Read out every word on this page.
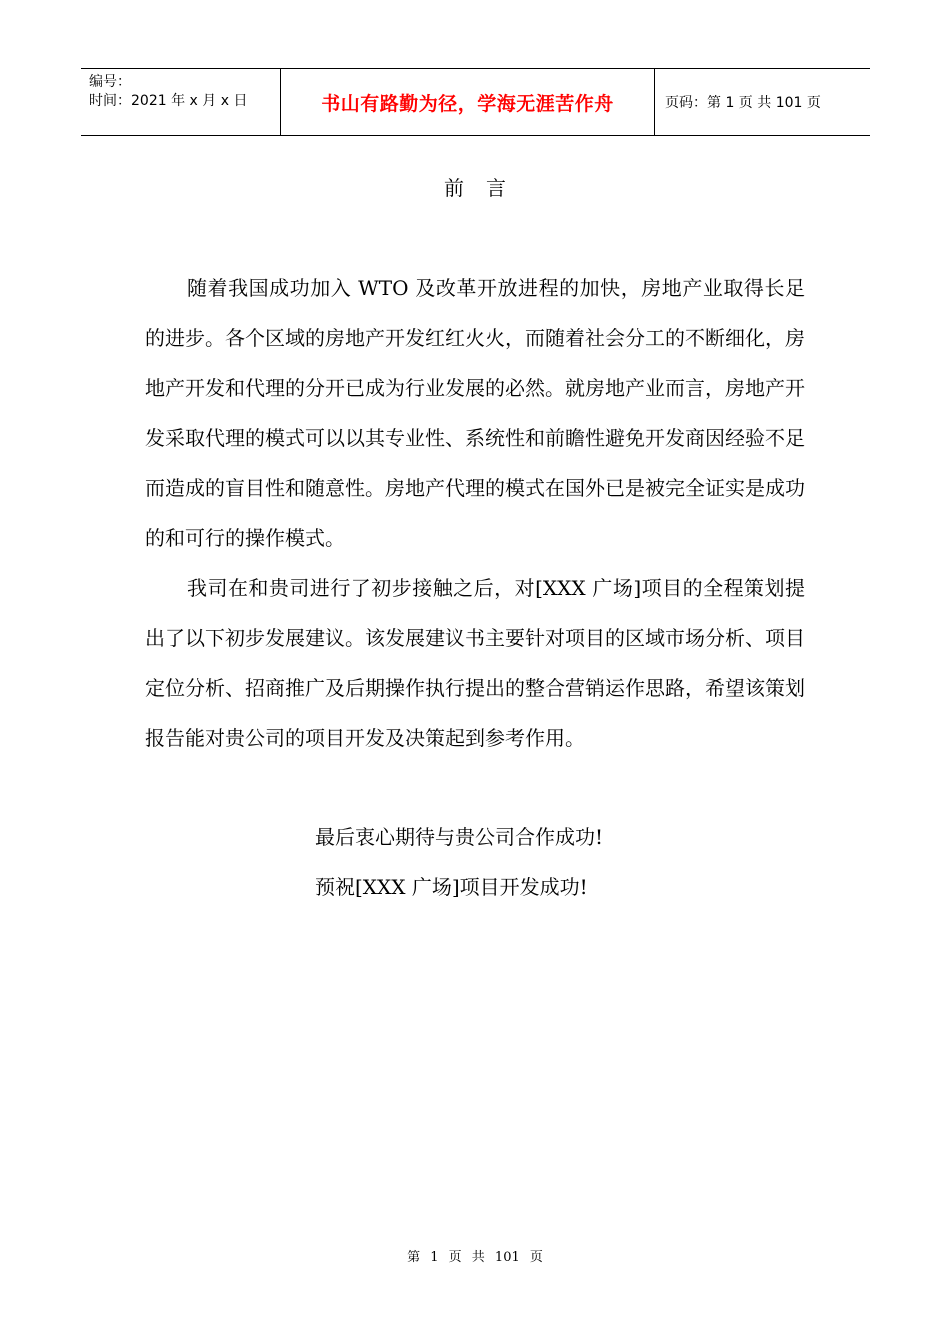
编号：
时间：2021 年 x 月 x 日	书山有路勤为径，学海无涯苦作舟	页码：第 1 页 共 101 页
前言

随着我国成功加入 WTO 及改革开放进程的加快，房地产业取得长足的进步。各个区域的房地产开发红红火火，而随着社会分工的不断细化，房地产开发和代理的分开已成为行业发展的必然。就房地产业而言，房地产开发采取代理的模式可以以其专业性、系统性和前瞻性避免开发商因经验不足而造成的盲目性和随意性。房地产代理的模式在国外已是被完全证实是成功的和可行的操作模式。

我司在和贵司进行了初步接触之后，对[XXX 广场]项目的全程策划提出了以下初步发展建议。该发展建议书主要针对项目的区域市场分析、项目定位分析、招商推广及后期操作执行提出的整合营销运作思路，希望该策划报告能对贵公司的项目开发及决策起到参考作用。

最后衷心期待与贵公司合作成功!
预祝[XXX 广场]项目开发成功!
第 1 页 共 101 页
